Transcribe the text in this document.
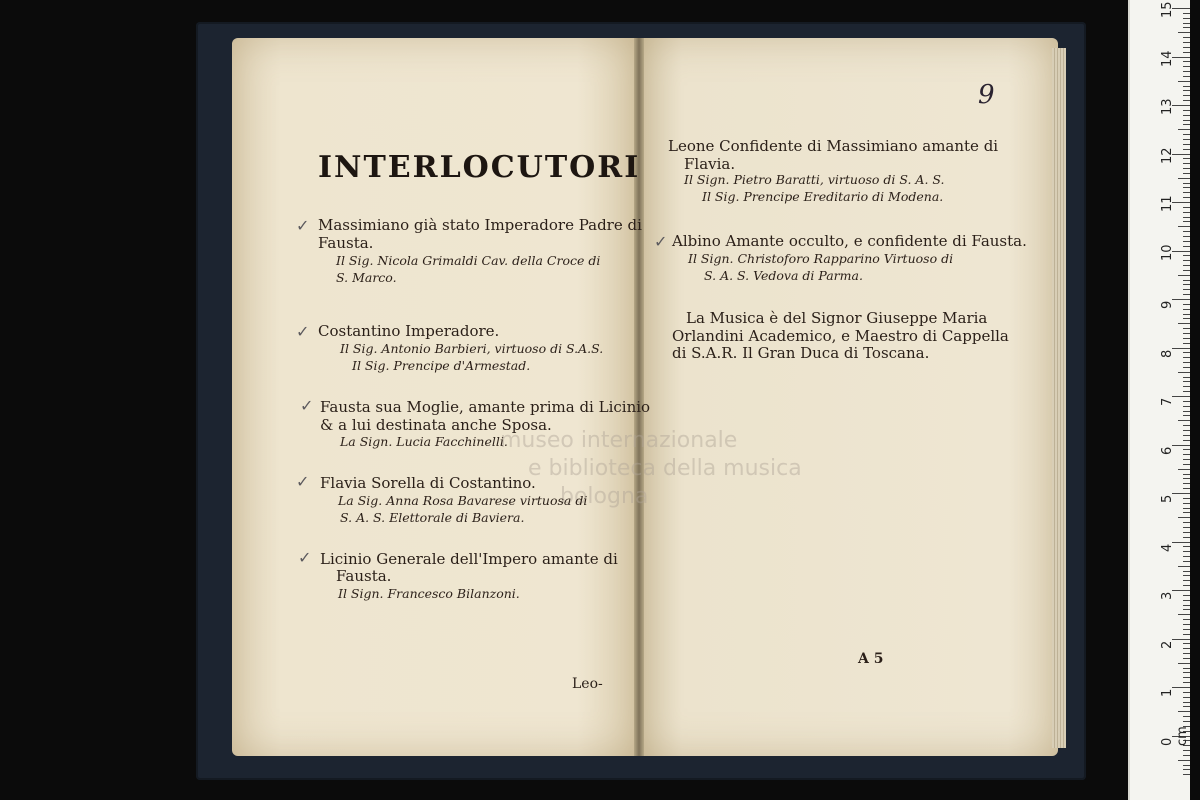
museo internazionale
e biblioteca della musica
bologna
INTERLOCUTORI
✓ Massimiano già stato Imperadore Padre di
Fausta.
Il Sig. Nicola Grimaldi Cav. della Croce di
S. Marco.
✓ Costantino Imperadore.
Il Sig. Antonio Barbieri, virtuoso di S.A.S.
Il Sig. Prencipe d'Armestad.
✓ Fausta sua Moglie, amante prima di Licinio
& a lui destinata anche Sposa.
La Sign. Lucia Facchinelli.
✓ Flavia Sorella di Costantino.
La Sig. Anna Rosa Bavarese virtuosa di
S. A. S. Elettorale di Baviera.
✓ Licinio Generale dell'Impero amante di
Fausta.
Il Sign. Francesco Bilanzoni.
Leo-
9
Leone Confidente di Massimiano amante di
Flavia.
Il Sign. Pietro Baratti, virtuoso di S. A. S.
Il Sig. Prencipe Ereditario di Modena.
✓ Albino Amante occulto, e confidente di Fausta.
Il Sign. Christoforo Rapparino Virtuoso di
S. A. S. Vedova di Parma.
La Musica è del Signor Giuseppe Maria
Orlandini Academico, e Maestro di Cappella
di S.A.R. Il Gran Duca di Toscana.
A 5
15
14
13
12
11
10
9
8
7
6
5
4
3
2
1
0 cm
